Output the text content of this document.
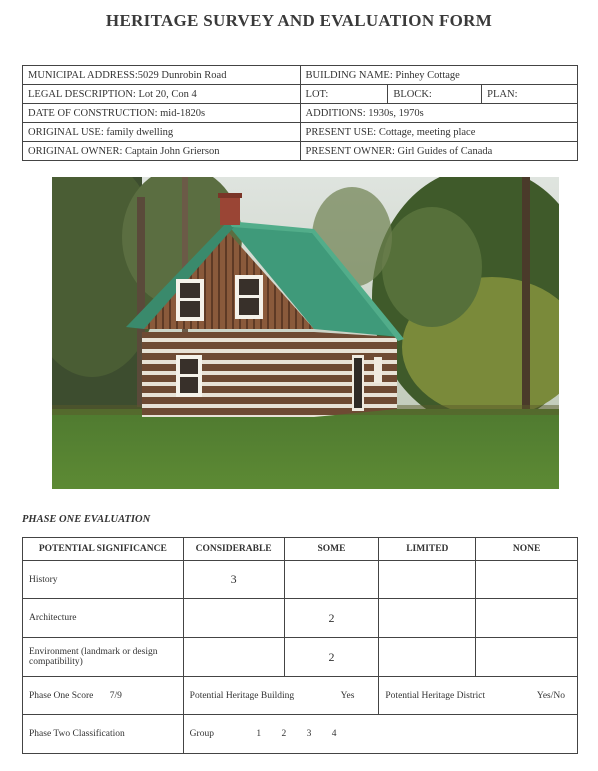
HERITAGE SURVEY AND EVALUATION FORM
MUNICIPAL ADDRESS:5029 Dunrobin Road	BUILDING NAME: Pinhey Cottage		
LEGAL DESCRIPTION: Lot 20, Con 4	LOT:	BLOCK:	PLAN:
DATE OF CONSTRUCTION: mid-1820s	ADDITIONS: 1930s, 1970s		
ORIGINAL USE: family dwelling	PRESENT USE: Cottage, meeting place		
ORIGINAL OWNER: Captain John Grierson	PRESENT OWNER: Girl Guides of Canada		
PHASE ONE EVALUATION
POTENTIAL SIGNIFICANCE	CONSIDERABLE	SOME	LIMITED	NONE
History	3			

Architecture		2		

Environment (landmark or design compatibility)		2		

Phase One Score 7/9	Potential Heritage Building Yes		Potential Heritage District Yes/No	

Phase Two Classification	Group 1 2 3 4			
